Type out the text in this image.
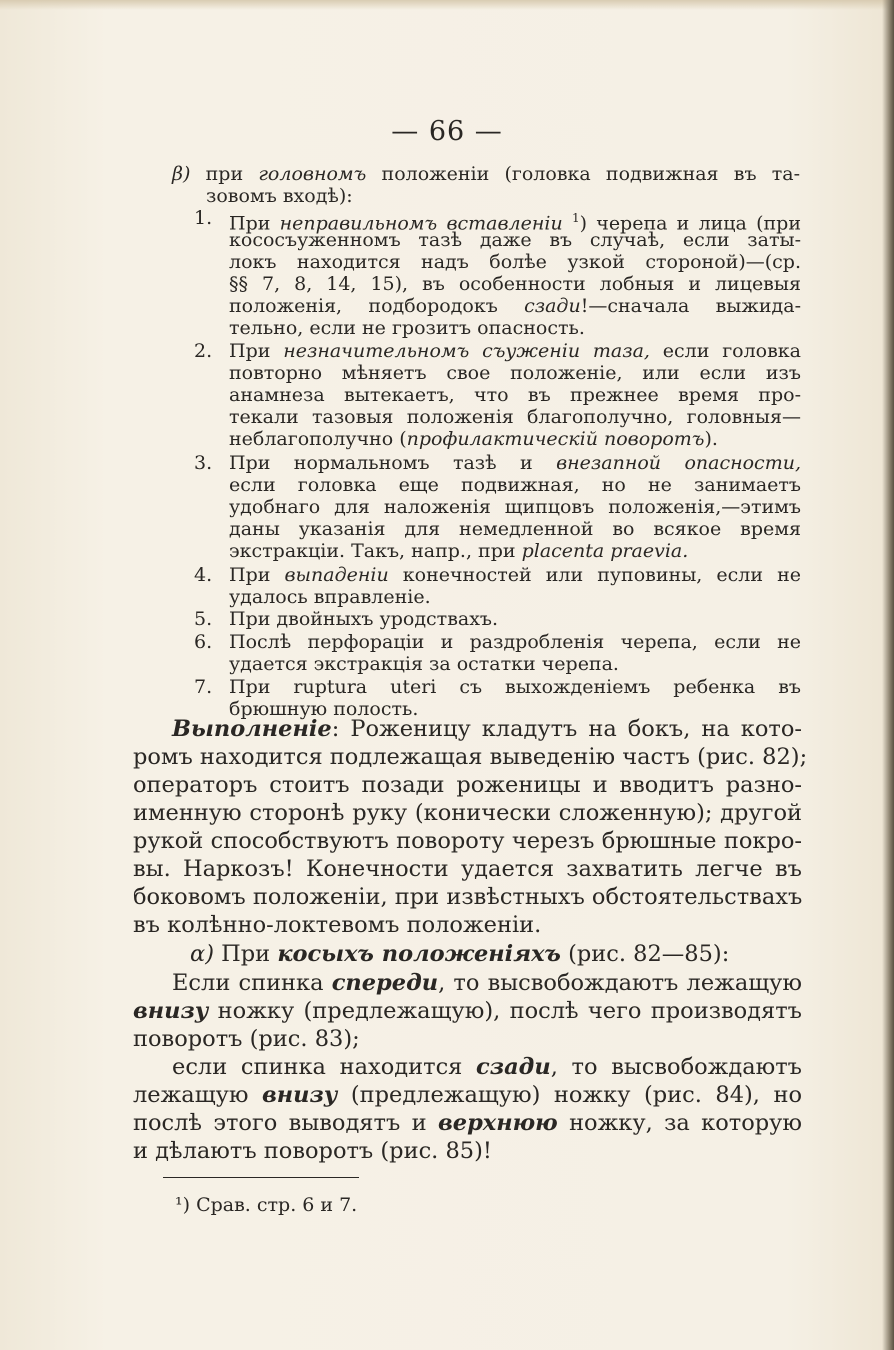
— 66 —
β) при головномъ положеніи (головка подвижная въ та-
зовомъ входѣ):
1. При неправильномъ вставленіи $^1$) черепа и лица (при
кососъуженномъ тазѣ даже въ случаѣ, если заты-
локъ находится надъ болѣе узкой стороной)—(ср.
§§ 7, 8, 14, 15), въ особенности лобныя и лицевыя
положенія, подбородокъ сзади!—сначала выжида-
тельно, если не грозитъ опасность.
2. При незначительномъ съуженіи таза, если головка
повторно мѣняетъ свое положеніе, или если изъ
анамнеза вытекаетъ, что въ прежнее время про-
текали тазовыя положенія благополучно, головныя—
неблагополучно (профилактическій поворотъ).
3. При нормальномъ тазѣ и внезапной опасности,
если головка еще подвижная, но не занимаетъ
удобнаго для наложенія щипцовъ положенія,—этимъ
даны указанія для немедленной во всякое время
экстракціи. Такъ, напр., при placenta praevia.
4. При выпаденіи конечностей или пуповины, если не
удалось вправленіе.
5. При двойныхъ уродствахъ.
6. Послѣ перфораціи и раздробленія черепа, если не
удается экстракція за остатки черепа.
7. При ruptura uteri съ выхожденіемъ ребенка въ
брюшную полость.
Выполненіе: Роженицу кладутъ на бокъ, на кото-
ромъ находится подлежащая выведенію частъ (рис. 82);
операторъ стоитъ позади роженицы и вводитъ разно-
именную сторонѣ руку (конически сложенную); другой
рукой способствуютъ повороту черезъ брюшные покро-
вы. Наркозъ! Конечности удается захватить легче въ
боковомъ положеніи, при извѣстныхъ обстоятельствахъ
въ колѣнно-локтевомъ положеніи.
α) При косыхъ положеніяхъ (рис. 82—85):
Если спинка спереди, то высвобождаютъ лежащую
внизу ножку (предлежащую), послѣ чего производятъ
поворотъ (рис. 83);
если спинка находится сзади, то высвобождаютъ
лежащую внизу (предлежащую) ножку (рис. 84), но
послѣ этого выводятъ и верхнюю ножку, за которую
и дѣлаютъ поворотъ (рис. 85)!
¹) Срав. стр. 6 и 7.
